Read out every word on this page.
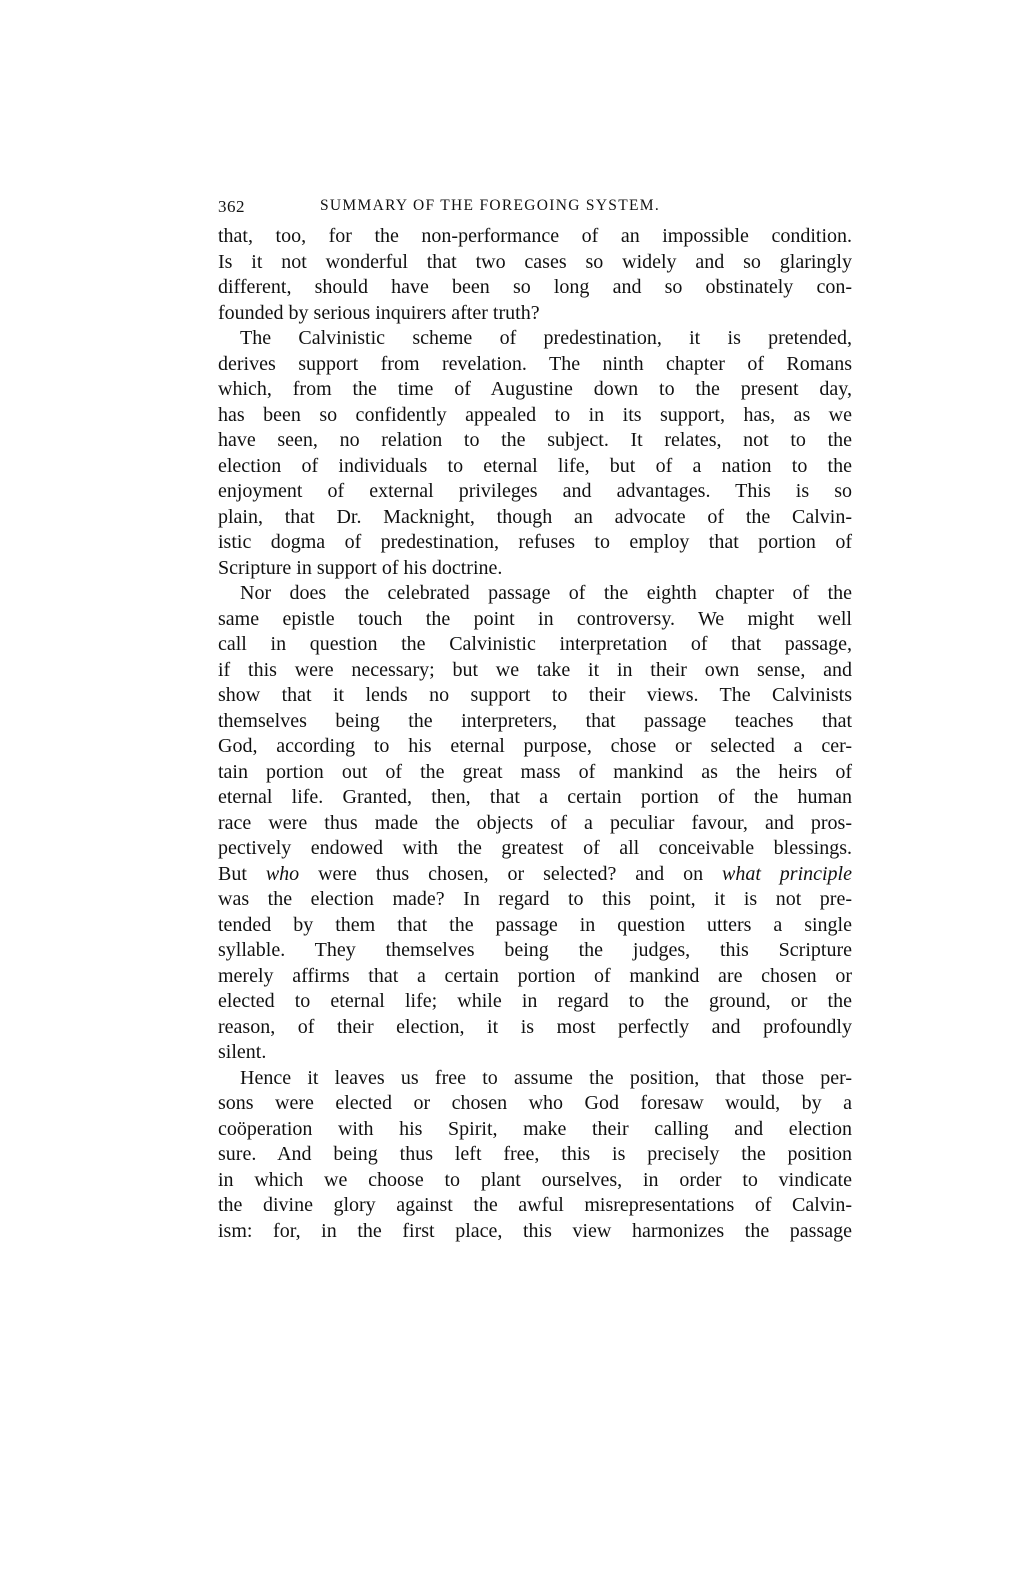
362	SUMMARY OF THE FOREGOING SYSTEM.
that, too, for the non-performance of an impossible condition.
Is it not wonderful that two cases so widely and so glaringly
different, should have been so long and so obstinately con-
founded by serious inquirers after truth?
The Calvinistic scheme of predestination, it is pretended,
derives support from revelation. The ninth chapter of Romans
which, from the time of Augustine down to the present day,
has been so confidently appealed to in its support, has, as we
have seen, no relation to the subject. It relates, not to the
election of individuals to eternal life, but of a nation to the
enjoyment of external privileges and advantages. This is so
plain, that Dr. Macknight, though an advocate of the Calvin-
istic dogma of predestination, refuses to employ that portion of
Scripture in support of his doctrine.
Nor does the celebrated passage of the eighth chapter of the
same epistle touch the point in controversy. We might well
call in question the Calvinistic interpretation of that passage,
if this were necessary; but we take it in their own sense, and
show that it lends no support to their views. The Calvinists
themselves being the interpreters, that passage teaches that
God, according to his eternal purpose, chose or selected a cer-
tain portion out of the great mass of mankind as the heirs of
eternal life. Granted, then, that a certain portion of the human
race were thus made the objects of a peculiar favour, and pros-
pectively endowed with the greatest of all conceivable blessings.
But who were thus chosen, or selected? and on what principle
was the election made? In regard to this point, it is not pre-
tended by them that the passage in question utters a single
syllable. They themselves being the judges, this Scripture
merely affirms that a certain portion of mankind are chosen or
elected to eternal life; while in regard to the ground, or the
reason, of their election, it is most perfectly and profoundly
silent.
Hence it leaves us free to assume the position, that those per-
sons were elected or chosen who God foresaw would, by a
coöperation with his Spirit, make their calling and election
sure. And being thus left free, this is precisely the position
in which we choose to plant ourselves, in order to vindicate
the divine glory against the awful misrepresentations of Calvin-
ism: for, in the first place, this view harmonizes the passage
